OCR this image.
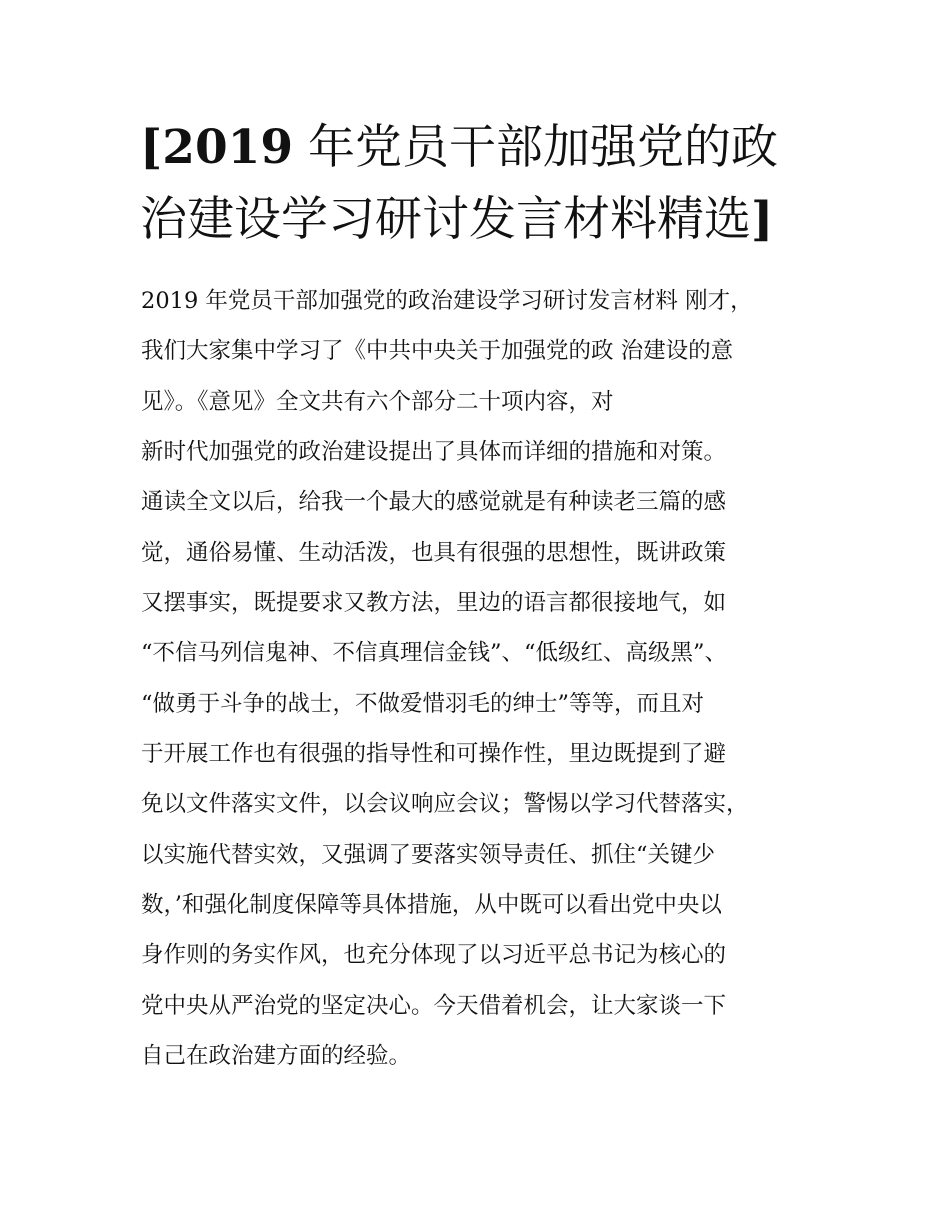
[2019 年党员干部加强党的政
治建设学习研讨发言材料精选]
2019 年党员干部加强党的政治建设学习研讨发言材料 刚才，
我们大家集中学习了《中共中央关于加强党的政 治建设的意
见》。《意见》全文共有六个部分二十项内容，对
新时代加强党的政治建设提出了具体而详细的措施和对策。
通读全文以后，给我一个最大的感觉就是有种读老三篇的感
觉，通俗易懂、生动活泼，也具有很强的思想性，既讲政策
又摆事实，既提要求又教方法，里边的语言都很接地气，如
“不信马列信鬼神、不信真理信金钱”、“低级红、高级黑”、
“做勇于斗争的战士，不做爱惜羽毛的绅士”等等，而且对
于开展工作也有很强的指导性和可操作性，里边既提到了避
免以文件落实文件，以会议响应会议；警惕以学习代替落实，
以实施代替实效，又强调了要落实领导责任、抓住“关键少
数，’和强化制度保障等具体措施，从中既可以看出党中央以
身作则的务实作风，也充分体现了以习近平总书记为核心的
党中央从严治党的坚定决心。今天借着机会，让大家谈一下
自己在政治建方面的经验。
